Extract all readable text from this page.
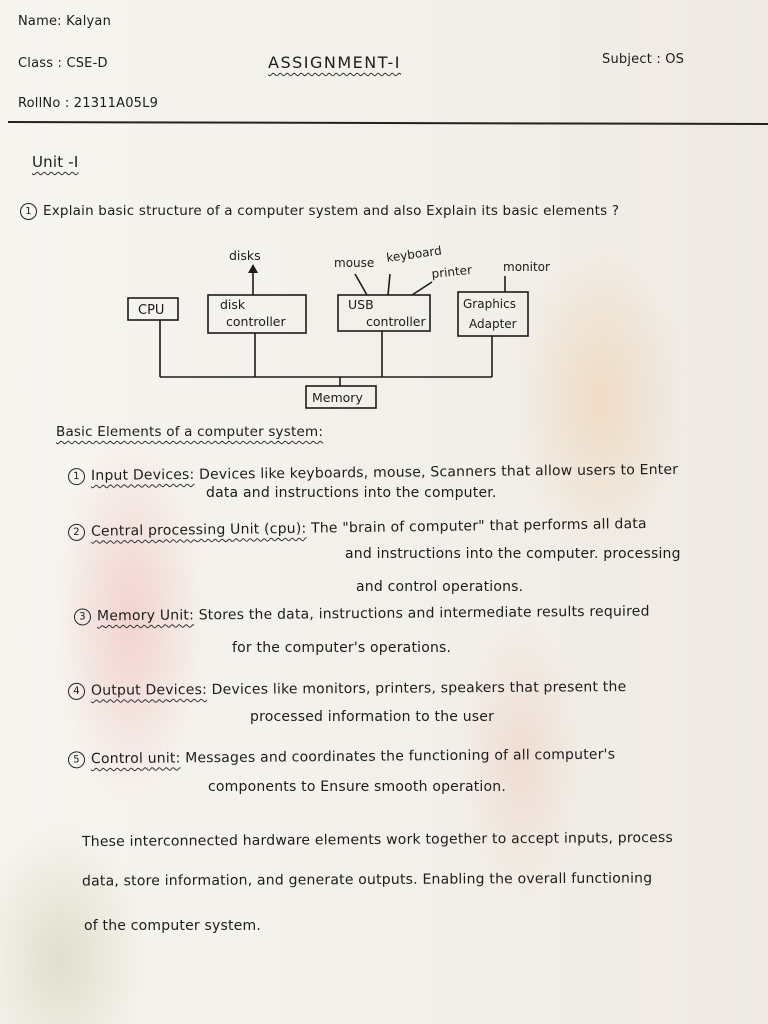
Name: Kalyan
Class : CSE-D	ASSIGNMENT-I	Subject : OS
RollNo : 21311A05L9
Unit -I
1 Explain basic structure of a computer system and also Explain its basic elements ?
CPU	disk
controller
USB
controller
Graphics
Adapter
Memory
disks	mouse keyboard
printer	monitor
Basic Elements of a computer system:
1 Input Devices: Devices like keyboards, mouse, Scanners that allow users to Enter
data and instructions into the computer.
2 Central processing Unit (cpu): The "brain of computer" that performs all data
and instructions into the computer. processing
and control operations.
3 Memory Unit: Stores the data, instructions and intermediate results required
for the computer's operations.
4 Output Devices: Devices like monitors, printers, speakers that present the
processed information to the user
5 Control unit: Messages and coordinates the functioning of all computer's
components to Ensure smooth operation.
These interconnected hardware elements work together to accept inputs, process
data, store information, and generate outputs. Enabling the overall functioning
of the computer system.
